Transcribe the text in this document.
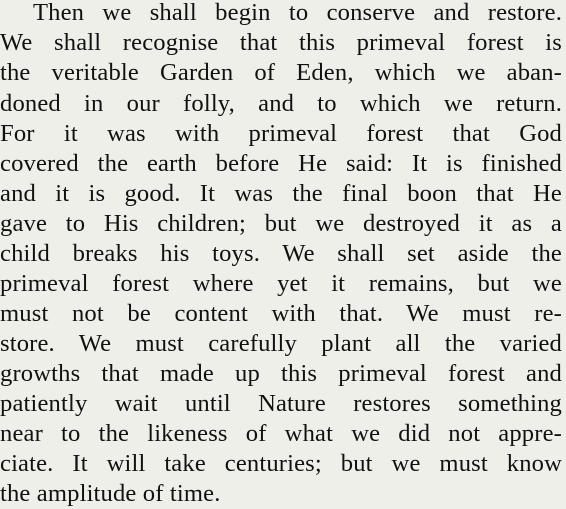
Then we shall begin to conserve and restore.
We shall recognise that this primeval forest is
the veritable Garden of Eden, which we aban-
doned in our folly, and to which we return.
For it was with primeval forest that God
covered the earth before He said: It is finished
and it is good. It was the final boon that He
gave to His children; but we destroyed it as a
child breaks his toys. We shall set aside the
primeval forest where yet it remains, but we
must not be content with that. We must re-
store. We must carefully plant all the varied
growths that made up this primeval forest and
patiently wait until Nature restores something
near to the likeness of what we did not appre-
ciate. It will take centuries; but we must know
the amplitude of time.
